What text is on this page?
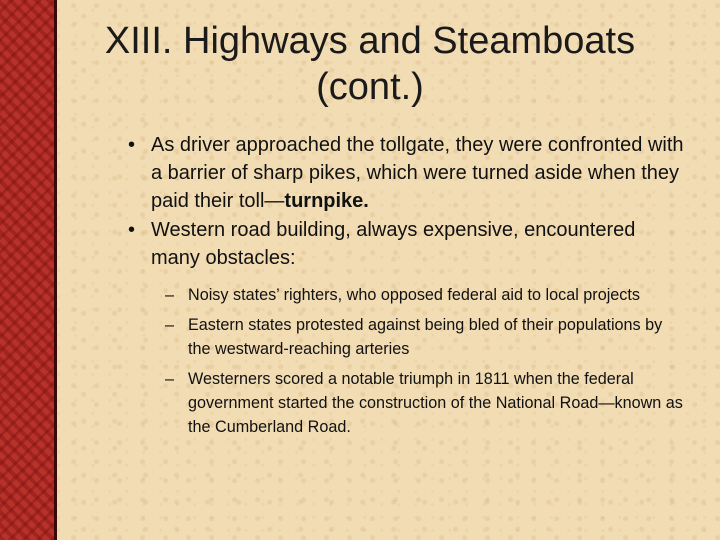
XIII. Highways and Steamboats
(cont.)

• As driver approached the tollgate, they were confronted with a barrier of sharp pikes, which were turned aside when they paid their toll—turnpike.

• Western road building, always expensive, encountered many obstacles:

– Noisy states’ righters, who opposed federal aid to local projects
– Eastern states protested against being bled of their populations by the westward-reaching arteries
– Westerners scored a notable triumph in 1811 when the federal government started the construction of the National Road—known as the Cumberland Road.
